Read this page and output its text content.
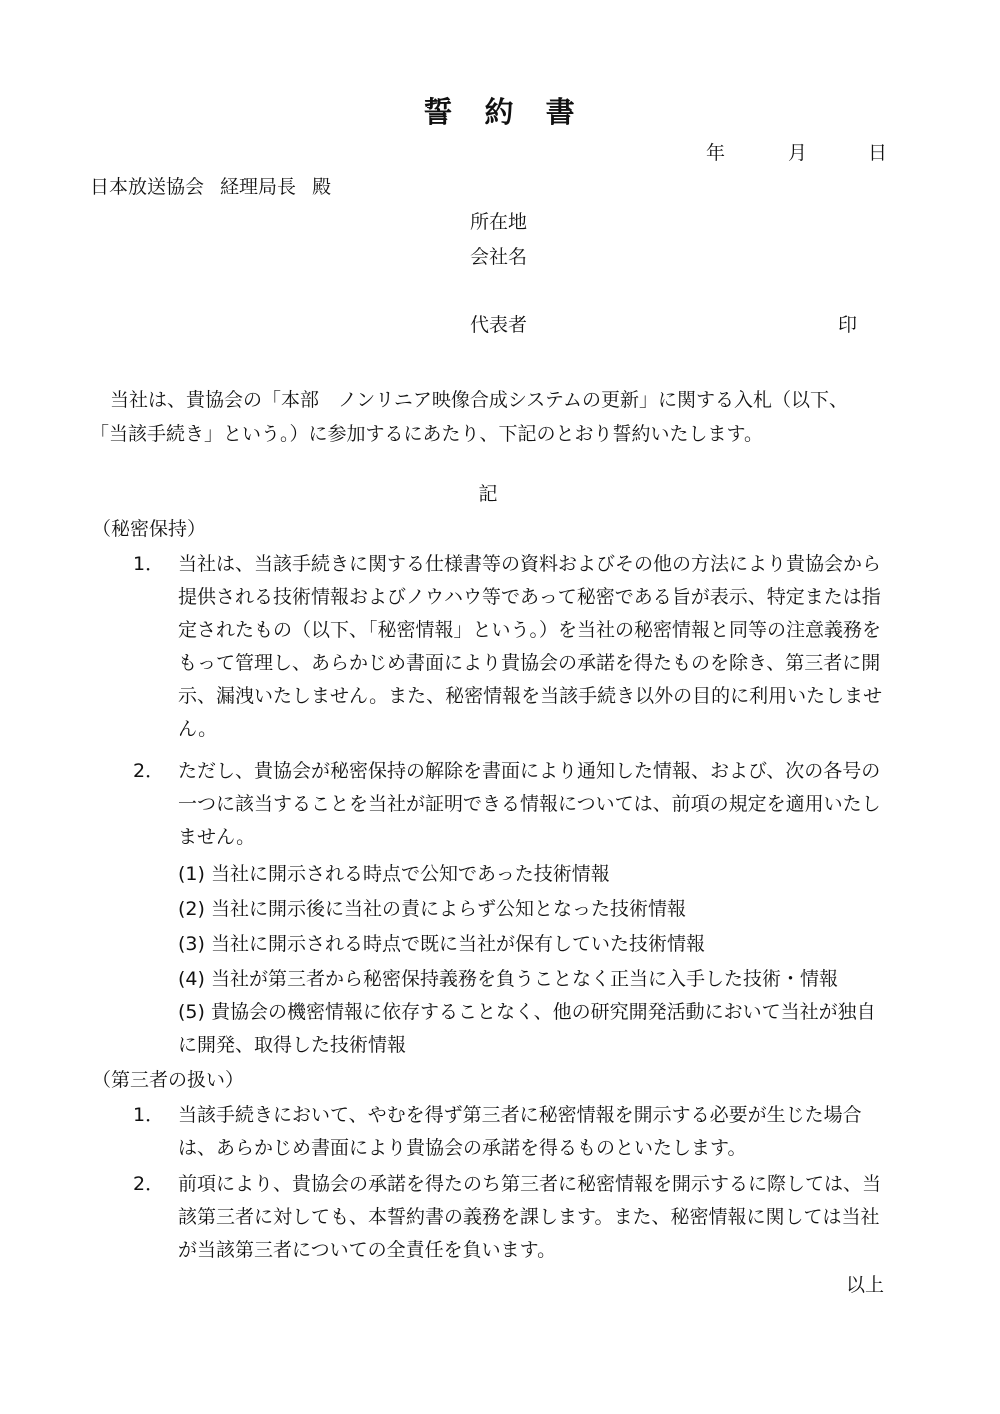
誓 約 書
年	月	日
日本放送協会 経理局長 殿
所在地
会社名
代表者	印
当社は、貴協会の「本部　ノンリニア映像合成システムの更新」に関する入札（以下、「当該手続き」という。）に参加するにあたり、下記のとおり誓約いたします。
記
（秘密保持）
1． 当社は、当該手続きに関する仕様書等の資料およびその他の方法により貴協会から提供される技術情報およびノウハウ等であって秘密である旨が表示、特定または指定されたもの（以下、「秘密情報」という。）を当社の秘密情報と同等の注意義務をもって管理し、あらかじめ書面により貴協会の承諾を得たものを除き、第三者に開示、漏洩いたしません。また、秘密情報を当該手続き以外の目的に利用いたしません。
2． ただし、貴協会が秘密保持の解除を書面により通知した情報、および、次の各号の一つに該当することを当社が証明できる情報については、前項の規定を適用いたしません。
(1) 当社に開示される時点で公知であった技術情報
(2) 当社に開示後に当社の責によらず公知となった技術情報
(3) 当社に開示される時点で既に当社が保有していた技術情報
(4) 当社が第三者から秘密保持義務を負うことなく正当に入手した技術・情報
(5) 貴協会の機密情報に依存することなく、他の研究開発活動において当社が独自に開発、取得した技術情報
（第三者の扱い）
1． 当該手続きにおいて、やむを得ず第三者に秘密情報を開示する必要が生じた場合は、あらかじめ書面により貴協会の承諾を得るものといたします。
2． 前項により、貴協会の承諾を得たのち第三者に秘密情報を開示するに際しては、当該第三者に対しても、本誓約書の義務を課します。また、秘密情報に関しては当社が当該第三者についての全責任を負います。
以上
